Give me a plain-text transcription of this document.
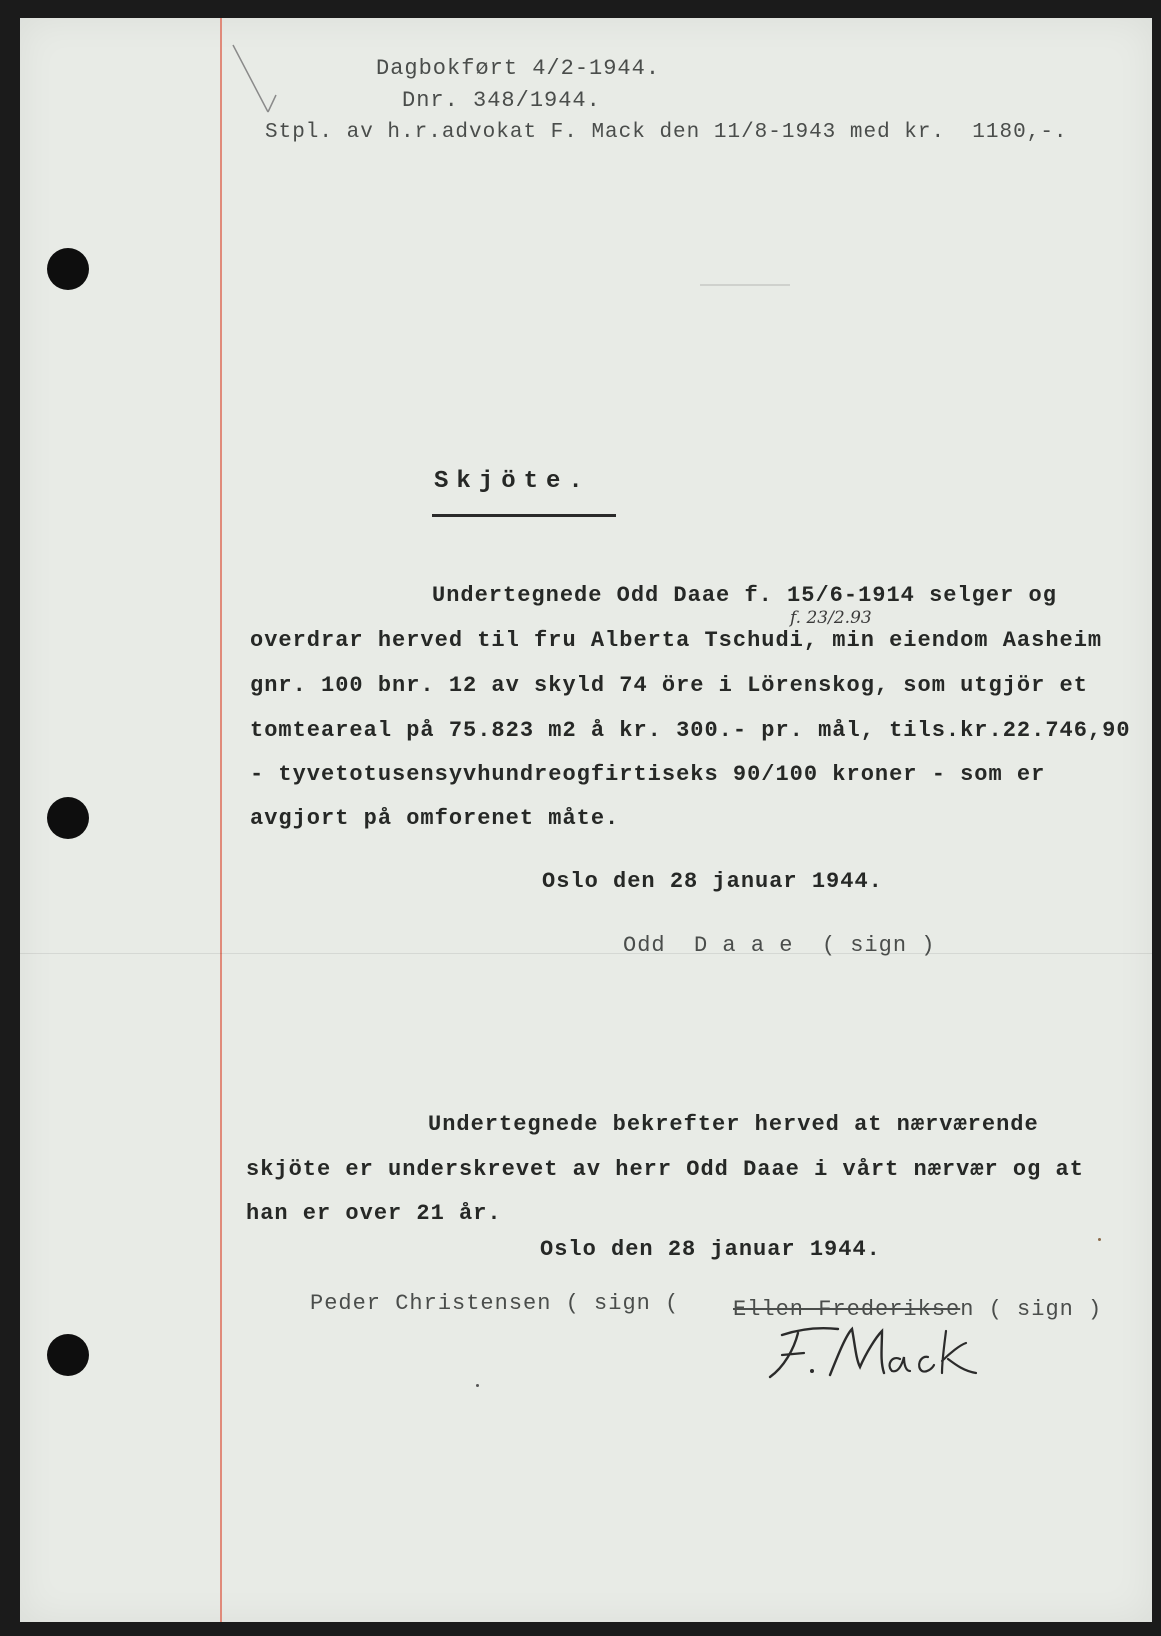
Dagbokført 4/2-1944.
Dnr. 348/1944.
Stpl. av h.r.advokat F. Mack den 11/8-1943 med kr.  1180,-.
Skjöte.
Undertegnede Odd Daae f. 15/6-1914 selger og
f. 23/2.93
overdrar herved til fru Alberta Tschudi, min eiendom Aasheim
gnr. 100 bnr. 12 av skyld 74 öre i Lörenskog, som utgjör et
tomteareal på 75.823 m2 å kr. 300.- pr. mål, tils.kr.22.746,90
- tyvetotusensyvhundreogfirtiseks 90/100 kroner - som er
avgjort på omforenet måte.
Oslo den 28 januar 1944.
Odd  D a a e  ( sign )
Undertegnede bekrefter herved at nærværende
skjöte er underskrevet av herr Odd Daae i vårt nærvær og at
han er over 21 år.
Oslo den 28 januar 1944.
Peder Christensen ( sign ( Ellen Frederiksen ( sign )
